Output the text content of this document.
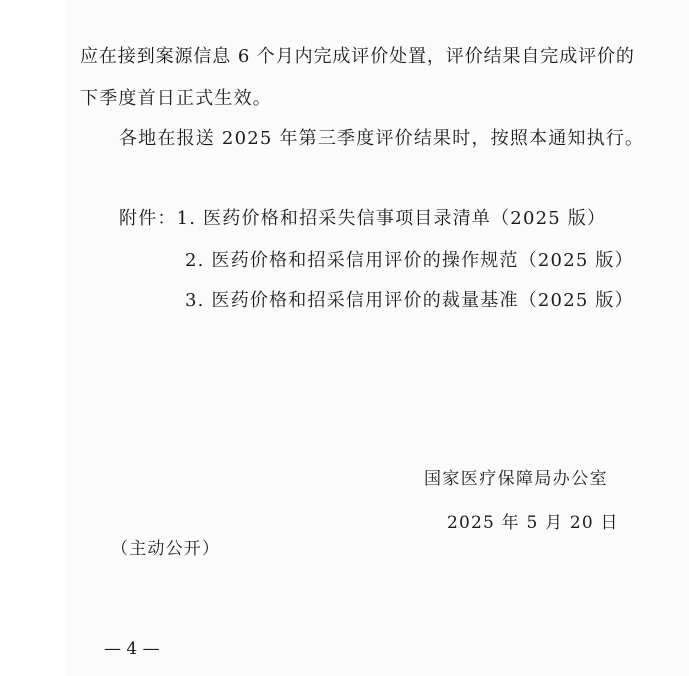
应在接到案源信息 6 个月内完成评价处置，评价结果自完成评价的
下季度首日正式生效。
各地在报送 2025 年第三季度评价结果时，按照本通知执行。
附件：1. 医药价格和招采失信事项目录清单（2025 版）
2. 医药价格和招采信用评价的操作规范（2025 版）
3. 医药价格和招采信用评价的裁量基准（2025 版）
国家医疗保障局办公室
2025 年 5 月 20 日
（主动公开）
— 4 —
